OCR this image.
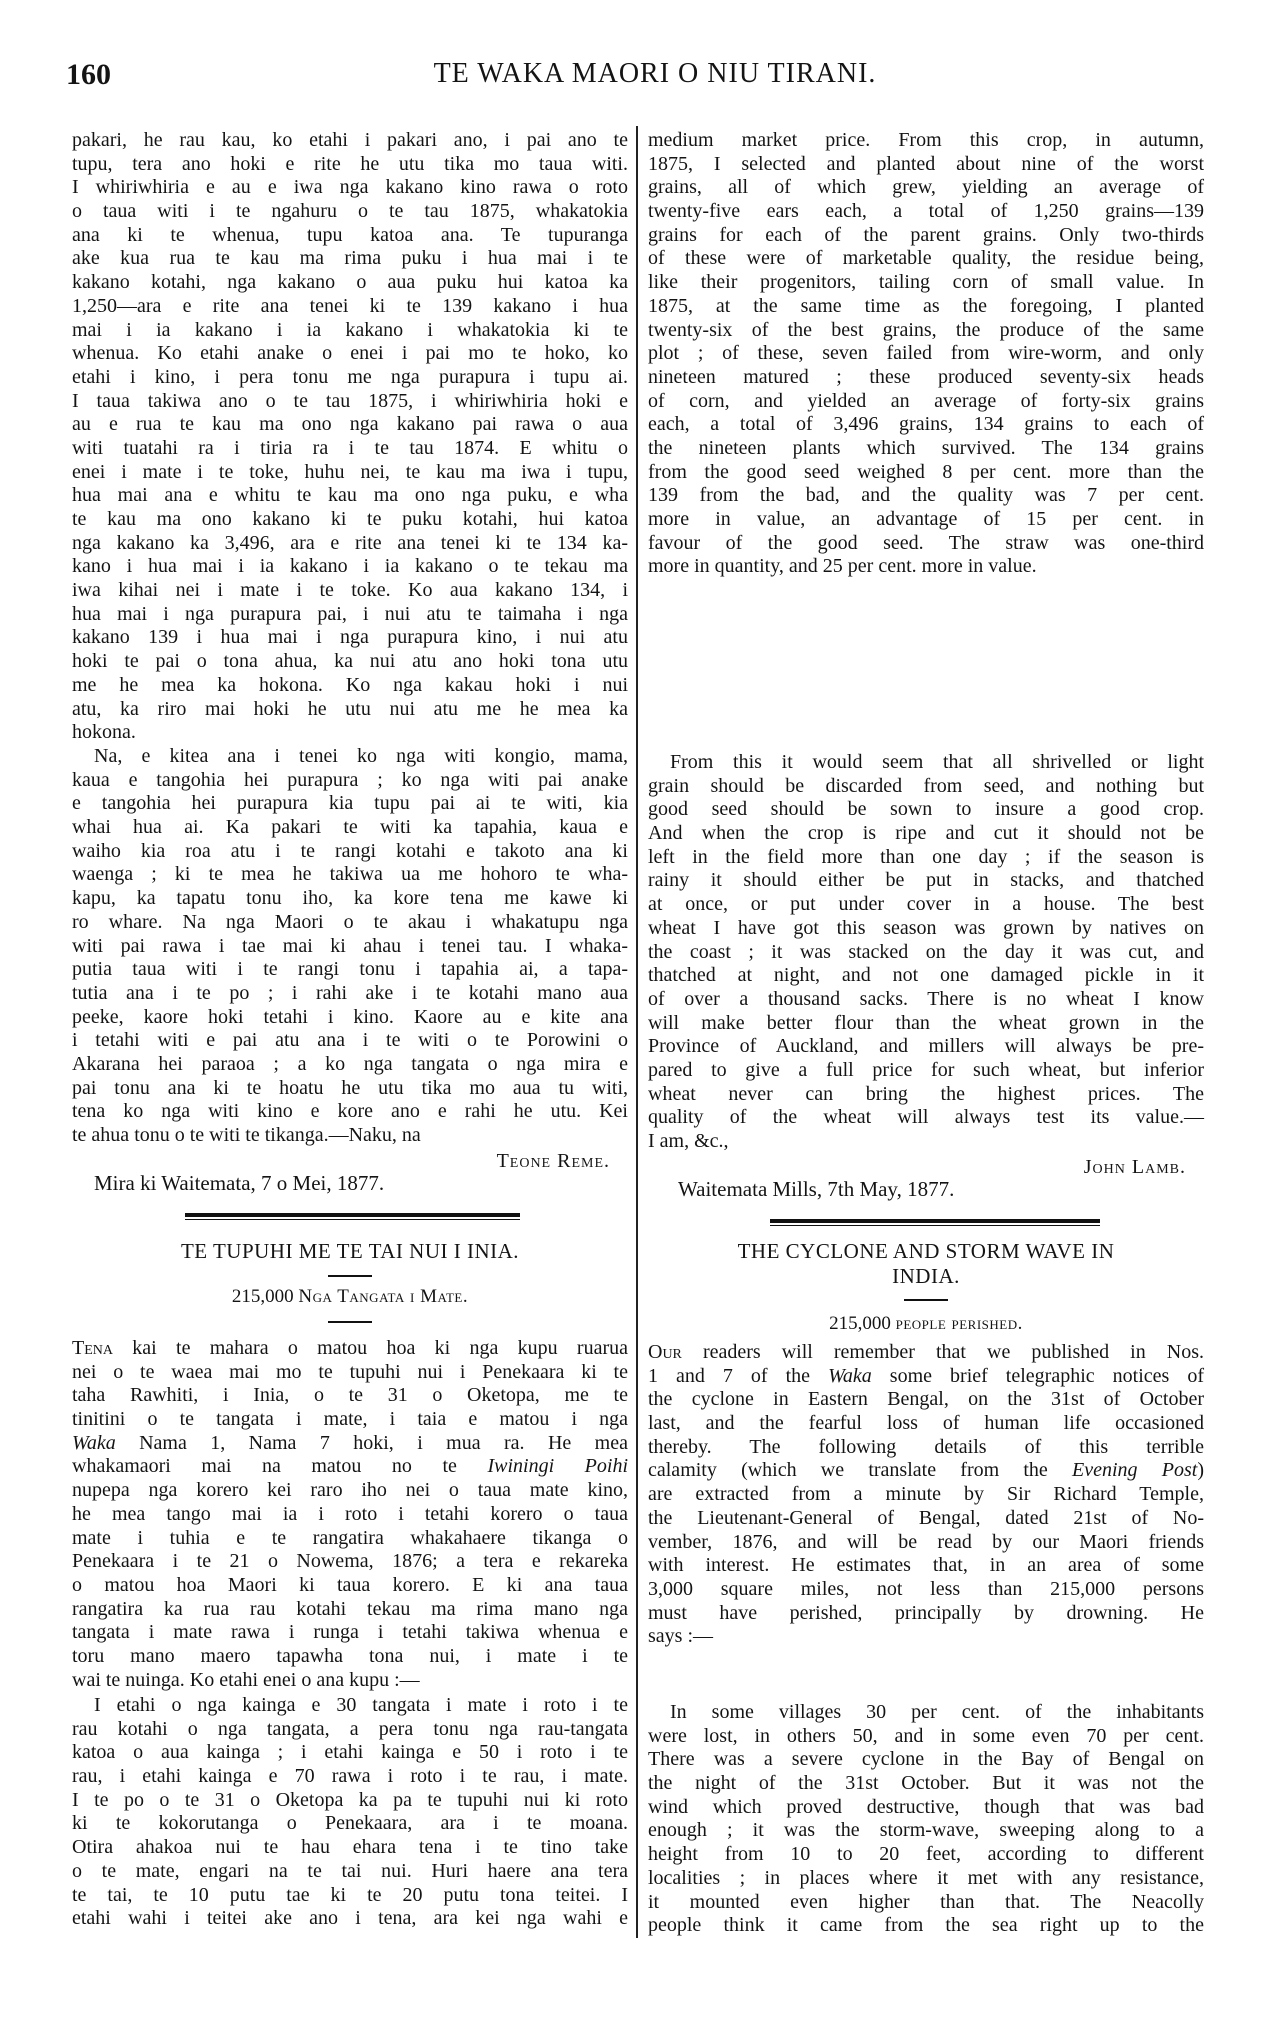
160	TE WAKA MAORI O NIU TIRANI.
pakari, he rau kau, ko etahi i pakari ano, i pai ano te
tupu, tera ano hoki e rite he utu tika mo taua witi.
I whiriwhiria e au e iwa nga kakano kino rawa o roto
o taua witi i te ngahuru o te tau 1875, whakatokia
ana ki te whenua, tupu katoa ana. Te tupuranga
ake kua rua te kau ma rima puku i hua mai i te
kakano kotahi, nga kakano o aua puku hui katoa ka
1,250—ara e rite ana tenei ki te 139 kakano i hua
mai i ia kakano i ia kakano i whakatokia ki te
whenua. Ko etahi anake o enei i pai mo te hoko, ko
etahi i kino, i pera tonu me nga purapura i tupu ai.
I taua takiwa ano o te tau 1875, i whiriwhiria hoki e
au e rua te kau ma ono nga kakano pai rawa o aua
witi tuatahi ra i tiria ra i te tau 1874. E whitu o
enei i mate i te toke, huhu nei, te kau ma iwa i tupu,
hua mai ana e whitu te kau ma ono nga puku, e wha
te kau ma ono kakano ki te puku kotahi, hui katoa
nga kakano ka 3,496, ara e rite ana tenei ki te 134 ka-
kano i hua mai i ia kakano i ia kakano o te tekau ma
iwa kihai nei i mate i te toke. Ko aua kakano 134, i
hua mai i nga purapura pai, i nui atu te taimaha i nga
kakano 139 i hua mai i nga purapura kino, i nui atu
hoki te pai o tona ahua, ka nui atu ano hoki tona utu
me he mea ka hokona. Ko nga kakau hoki i nui
atu, ka riro mai hoki he utu nui atu me he mea ka
hokona.
Na, e kitea ana i tenei ko nga witi kongio, mama,
kaua e tangohia hei purapura ; ko nga witi pai anake
e tangohia hei purapura kia tupu pai ai te witi, kia
whai hua ai. Ka pakari te witi ka tapahia, kaua e
waiho kia roa atu i te rangi kotahi e takoto ana ki
waenga ; ki te mea he takiwa ua me hohoro te wha-
kapu, ka tapatu tonu iho, ka kore tena me kawe ki
ro whare. Na nga Maori o te akau i whakatupu nga
witi pai rawa i tae mai ki ahau i tenei tau. I whaka-
putia taua witi i te rangi tonu i tapahia ai, a tapa-
tutia ana i te po ; i rahi ake i te kotahi mano aua
peeke, kaore hoki tetahi i kino. Kaore au e kite ana
i tetahi witi e pai atu ana i te witi o te Porowini o
Akarana hei paraoa ; a ko nga tangata o nga mira e
pai tonu ana ki te hoatu he utu tika mo aua tu witi,
tena ko nga witi kino e kore ano e rahi he utu. Kei
te ahua tonu o te witi te tikanga.—Naku, na
Teone Reme.
Mira ki Waitemata, 7 o Mei, 1877.
TE TUPUHI ME TE TAI NUI I INIA.
215,000 Nga Tangata i Mate.
Tena kai te mahara o matou hoa ki nga kupu ruarua
nei o te waea mai mo te tupuhi nui i Penekaara ki te
taha Rawhiti, i Inia, o te 31 o Oketopa, me te
tinitini o te tangata i mate, i taia e matou i nga
Waka Nama 1, Nama 7 hoki, i mua ra. He mea
whakamaori mai na matou no te Iwiningi Poihi
nupepa nga korero kei raro iho nei o taua mate kino,
he mea tango mai ia i roto i tetahi korero o taua
mate i tuhia e te rangatira whakahaere tikanga o
Penekaara i te 21 o Nowema, 1876; a tera e rekareka
o matou hoa Maori ki taua korero. E ki ana taua
rangatira ka rua rau kotahi tekau ma rima mano nga
tangata i mate rawa i runga i tetahi takiwa whenua e
toru mano maero tapawha tona nui, i mate i te
wai te nuinga. Ko etahi enei o ana kupu :—
I etahi o nga kainga e 30 tangata i mate i roto i te
rau kotahi o nga tangata, a pera tonu nga rau-tangata
katoa o aua kainga ; i etahi kainga e 50 i roto i te
rau, i etahi kainga e 70 rawa i roto i te rau, i mate.
I te po o te 31 o Oketopa ka pa te tupuhi nui ki roto
ki te kokorutanga o Penekaara, ara i te moana.
Otira ahakoa nui te hau ehara tena i te tino take
o te mate, engari na te tai nui. Huri haere ana tera
te tai, te 10 putu tae ki te 20 putu tona teitei. I
etahi wahi i teitei ake ano i tena, ara kei nga wahi e
medium market price. From this crop, in autumn,
1875, I selected and planted about nine of the worst
grains, all of which grew, yielding an average of
twenty-five ears each, a total of 1,250 grains—139
grains for each of the parent grains. Only two-thirds
of these were of marketable quality, the residue being,
like their progenitors, tailing corn of small value. In
1875, at the same time as the foregoing, I planted
twenty-six of the best grains, the produce of the same
plot ; of these, seven failed from wire-worm, and only
nineteen matured ; these produced seventy-six heads
of corn, and yielded an average of forty-six grains
each, a total of 3,496 grains, 134 grains to each of
the nineteen plants which survived. The 134 grains
from the good seed weighed 8 per cent. more than the
139 from the bad, and the quality was 7 per cent.
more in value, an advantage of 15 per cent. in
favour of the good seed. The straw was one-third
more in quantity, and 25 per cent. more in value.
From this it would seem that all shrivelled or light
grain should be discarded from seed, and nothing but
good seed should be sown to insure a good crop.
And when the crop is ripe and cut it should not be
left in the field more than one day ; if the season is
rainy it should either be put in stacks, and thatched
at once, or put under cover in a house. The best
wheat I have got this season was grown by natives on
the coast ; it was stacked on the day it was cut, and
thatched at night, and not one damaged pickle in it
of over a thousand sacks. There is no wheat I know
will make better flour than the wheat grown in the
Province of Auckland, and millers will always be pre-
pared to give a full price for such wheat, but inferior
wheat never can bring the highest prices. The
quality of the wheat will always test its value.—
I am, &c.,
John Lamb.
Waitemata Mills, 7th May, 1877.
THE CYCLONE AND STORM WAVE IN
INDIA.
215,000 people perished.
Our readers will remember that we published in Nos.
1 and 7 of the Waka some brief telegraphic notices of
the cyclone in Eastern Bengal, on the 31st of October
last, and the fearful loss of human life occasioned
thereby. The following details of this terrible
calamity (which we translate from the Evening Post)
are extracted from a minute by Sir Richard Temple,
the Lieutenant-General of Bengal, dated 21st of No-
vember, 1876, and will be read by our Maori friends
with interest. He estimates that, in an area of some
3,000 square miles, not less than 215,000 persons
must have perished, principally by drowning. He
says :—
In some villages 30 per cent. of the inhabitants
were lost, in others 50, and in some even 70 per cent.
There was a severe cyclone in the Bay of Bengal on
the night of the 31st October. But it was not the
wind which proved destructive, though that was bad
enough ; it was the storm-wave, sweeping along to a
height from 10 to 20 feet, according to different
localities ; in places where it met with any resistance,
it mounted even higher than that. The Neacolly
people think it came from the sea right up to the
